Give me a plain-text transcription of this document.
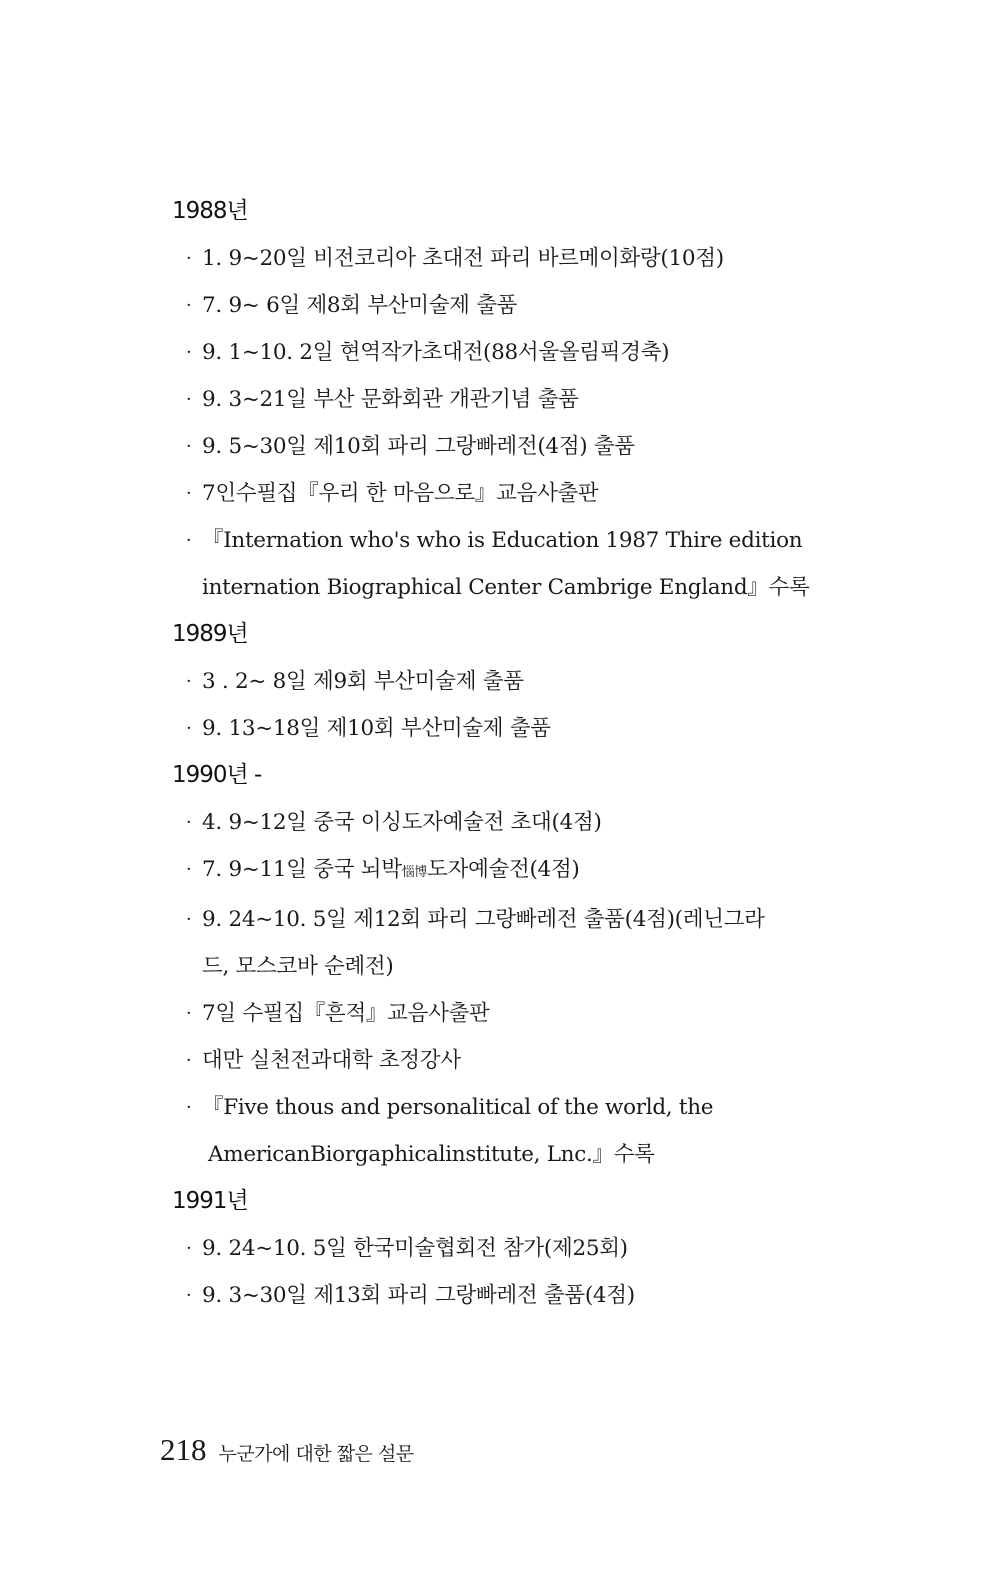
1988년
· 1. 9~20일 비전코리아 초대전 파리 바르메이화랑(10점)
· 7. 9~ 6일 제8회 부산미술제 출품
· 9. 1~10. 2일 현역작가초대전(88서울올림픽경축)
· 9. 3~21일 부산 문화회관 개관기념 출품
· 9. 5~30일 제10회 파리 그랑빠레전(4점) 출품
· 7인수필집『우리 한 마음으로』교음사출판
· 『Internation who's who is Education 1987 Thire edition
internation Biographical Center Cambrige England』수록
1989년
· 3 . 2~ 8일 제9회 부산미술제 출품
· 9. 13~18일 제10회 부산미술제 출품
1990년 -
· 4. 9~12일 중국 이싱도자예술전 초대(4점)
· 7. 9~11일 중국 뇌박惱博도자예술전(4점)
· 9. 24~10. 5일 제12회 파리 그랑빠레전 출품(4점)(레닌그라
드, 모스코바 순례전)
· 7일 수필집『흔적』교음사출판
· 대만 실천전과대학 초정강사
· 『Five thous and personalitical of the world, the
AmericanBiorgaphicalinstitute, Lnc.』수록
1991년
· 9. 24~10. 5일 한국미술협회전 참가(제25회)
· 9. 3~30일 제13회 파리 그랑빠레전 출품(4점)
218 누군가에 대한 짧은 설문
